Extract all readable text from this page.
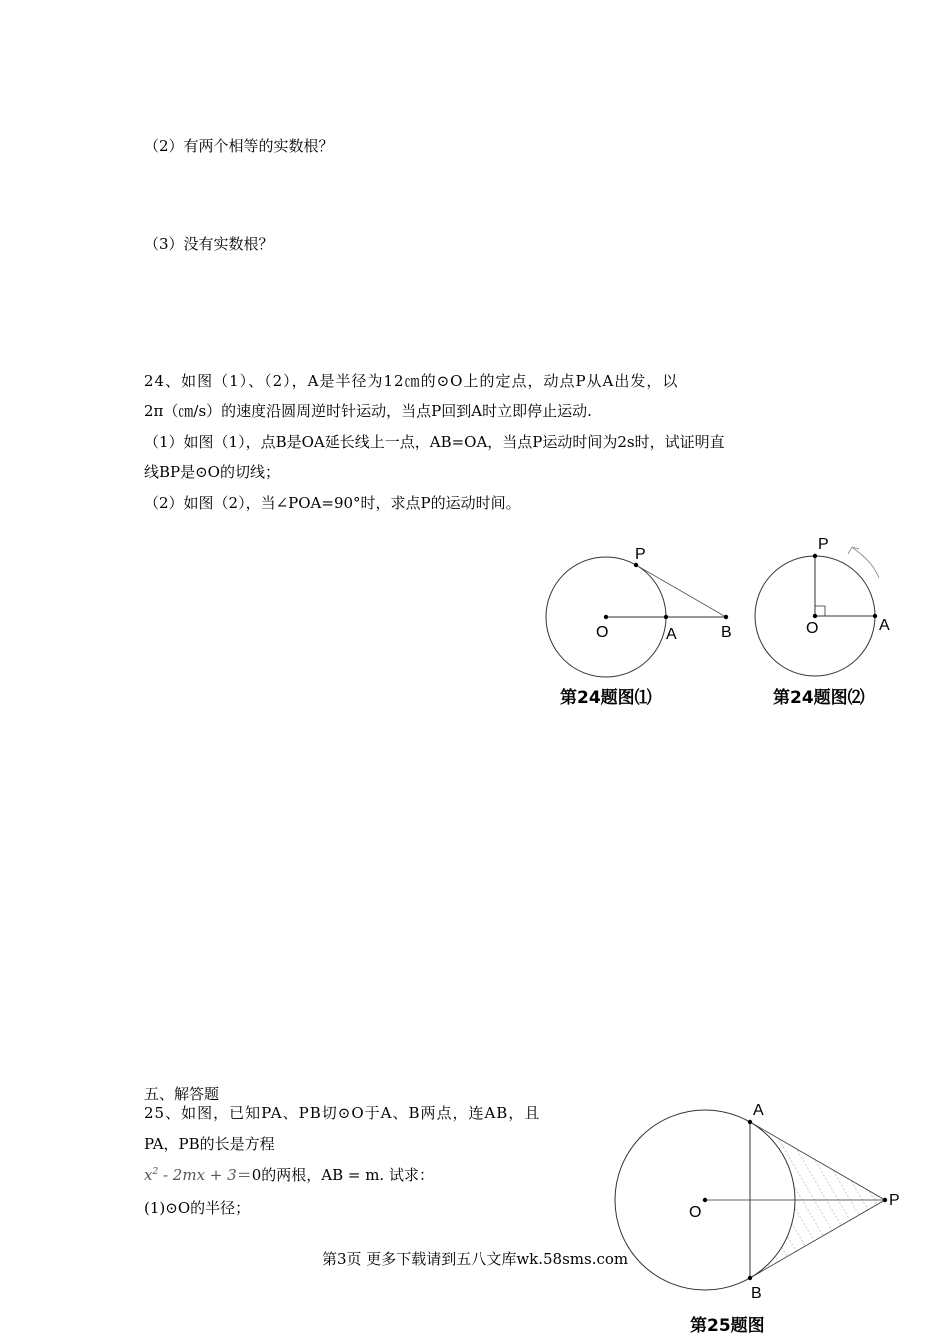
（2）有两个相等的实数根？
（3）没有实数根？
24、如图（1）、（2），A是半径为12㎝的⊙O上的定点，动点P从A出发，以
2π（㎝/s）的速度沿圆周逆时针运动，当点P回到A时立即停止运动.
（1）如图（1），点B是OA延长线上一点，AB=OA，当点P运动时间为2s时，试证明直
线BP是⊙O的切线；
（2）如图（2），当∠POA=90°时，求点P的运动时间。
P
O	A	B
第24题图⑴
P
O	A
第24题图⑵
五、解答题
25、如图，已知PA、PB切⊙O于A、B两点，连AB，且
PA，PB的长是方程
$x^2 - 2mx + 3=0$的两根，AB = m. 试求：
(1)⊙O的半径；
A
O
P
B
第25题图
第3页 更多下载请到五八文库wk.58sms.com
